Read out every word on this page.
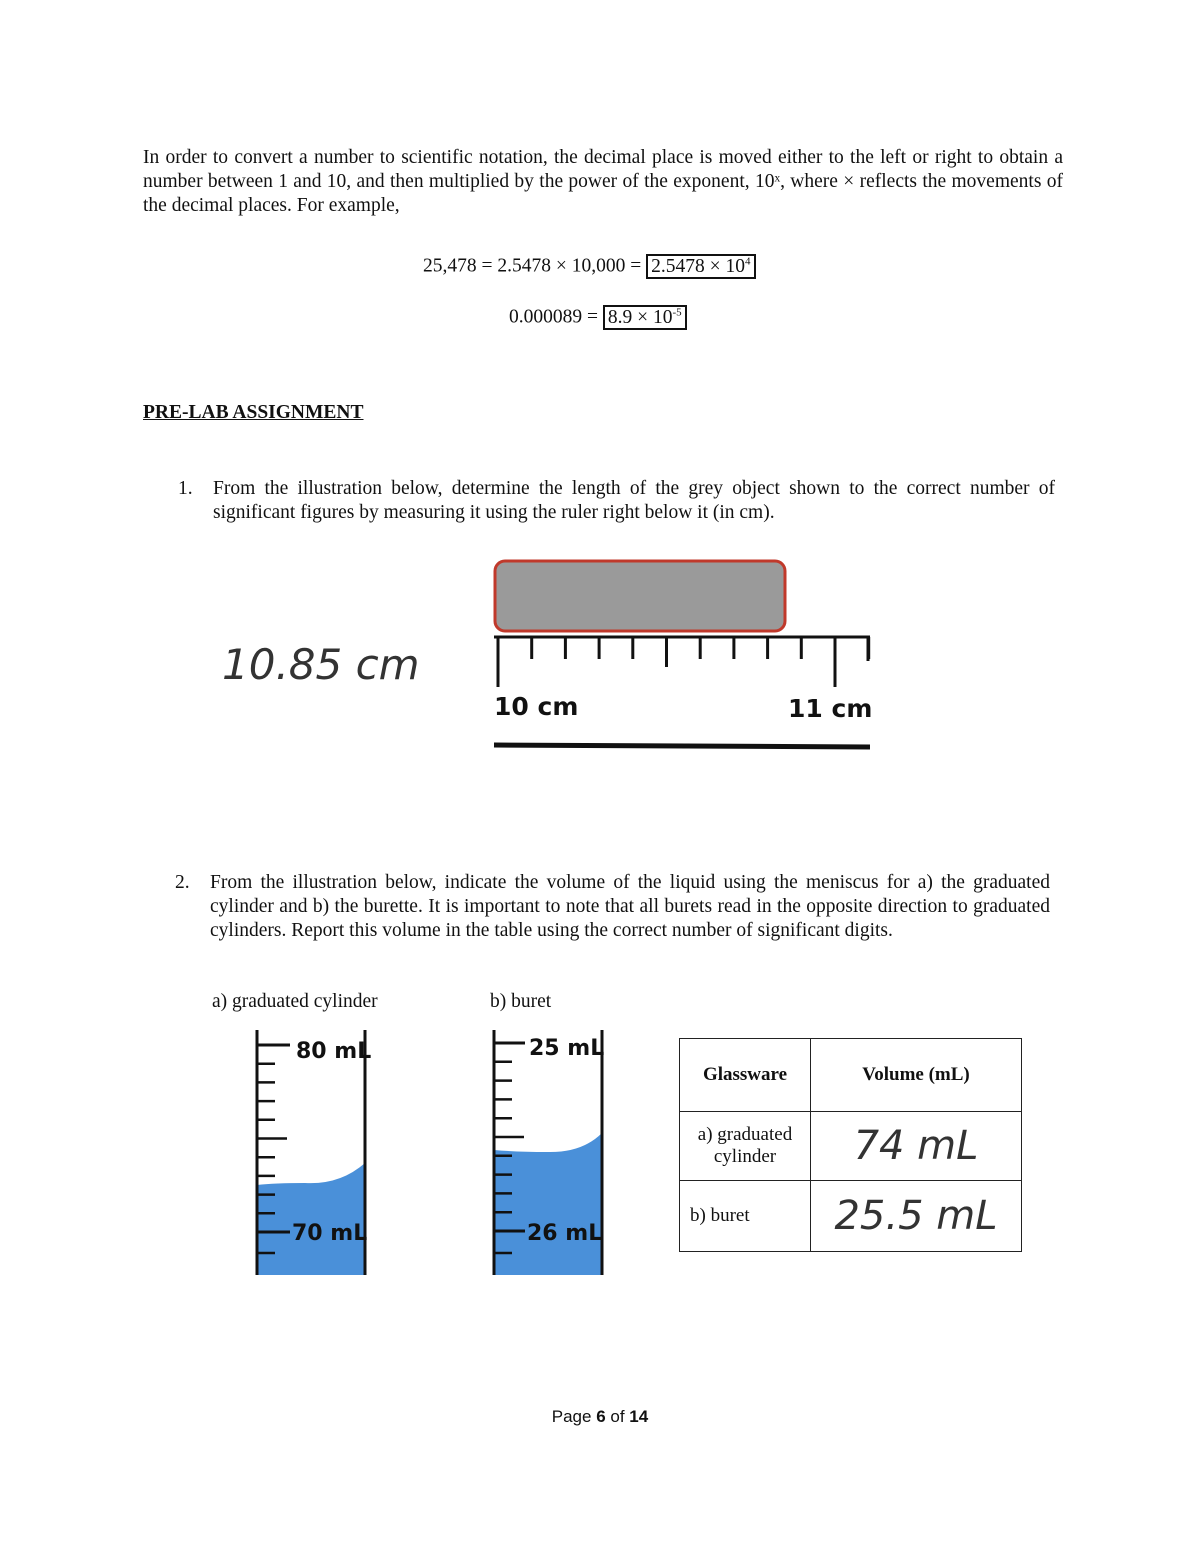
In order to convert a number to scientific notation, the decimal place is moved either to the left or right to obtain a number between 1 and 10, and then multiplied by the power of the exponent, 10ˣ, where × reflects the movements of the decimal places. For example,
$25,478 = 2.5478 \times 10,000 = 2.5478 \times 10^4$
$0.000089 = 8.9 \times 10^{-5}$
PRE-LAB ASSIGNMENT
1. From the illustration below, determine the length of the grey object shown to the correct number of significant figures by measuring it using the ruler right below it (in cm).
10.85 cm
10 cm	11 cm
2. From the illustration below, indicate the volume of the liquid using the meniscus for a) the graduated cylinder and b) the burette. It is important to note that all burets read in the opposite direction to graduated cylinders. Report this volume in the table using the correct number of significant digits.
a) graduated cylinder	b) buret
80 mL
70 mL
25 mL
26 mL
Glassware	Volume (mL)
a) graduated cylinder	74 mL
b) buret	25.5 mL
Page 6 of 14
